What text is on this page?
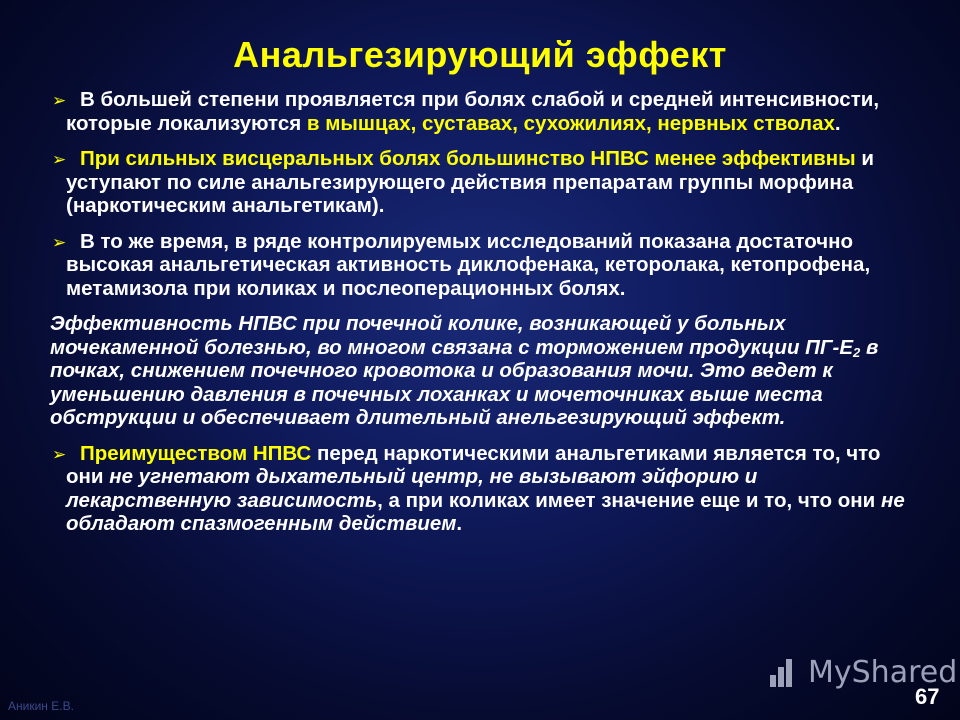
Анальгезирующий эффект
➢ В большей степени проявляется при болях слабой и средней интенсивности, которые локализуются в мышцах, суставах, сухожилиях, нервных стволах.
➢ При сильных висцеральных болях большинство НПВС менее эффективны и уступают по силе анальгезирующего действия препаратам группы морфина (наркотическим анальгетикам).
➢ В то же время, в ряде контролируемых исследований показана достаточно высокая анальгетическая активность диклофенака, кеторолака, кетопрофена, метамизола при коликах и послеоперационных болях.
Эффективность НПВС при почечной колике, возникающей у больных мочекаменной болезнью, во многом связана с торможением продукции $ПГ-Е_2$ в почках, снижением почечного кровотока и образования мочи. Это ведет к уменьшению давления в почечных лоханках и мочеточниках выше места обструкции и обеспечивает длительный анельгезирующий эффект.
➢ Преимуществом НПВС перед наркотическими анальгетиками является то, что они не угнетают дыхательный центр, не вызывают эйфорию и лекарственную зависимость, а при коликах имеет значение еще и то, что они не обладают спазмогенным действием.
MyShared
67
Аникин Е.В.
